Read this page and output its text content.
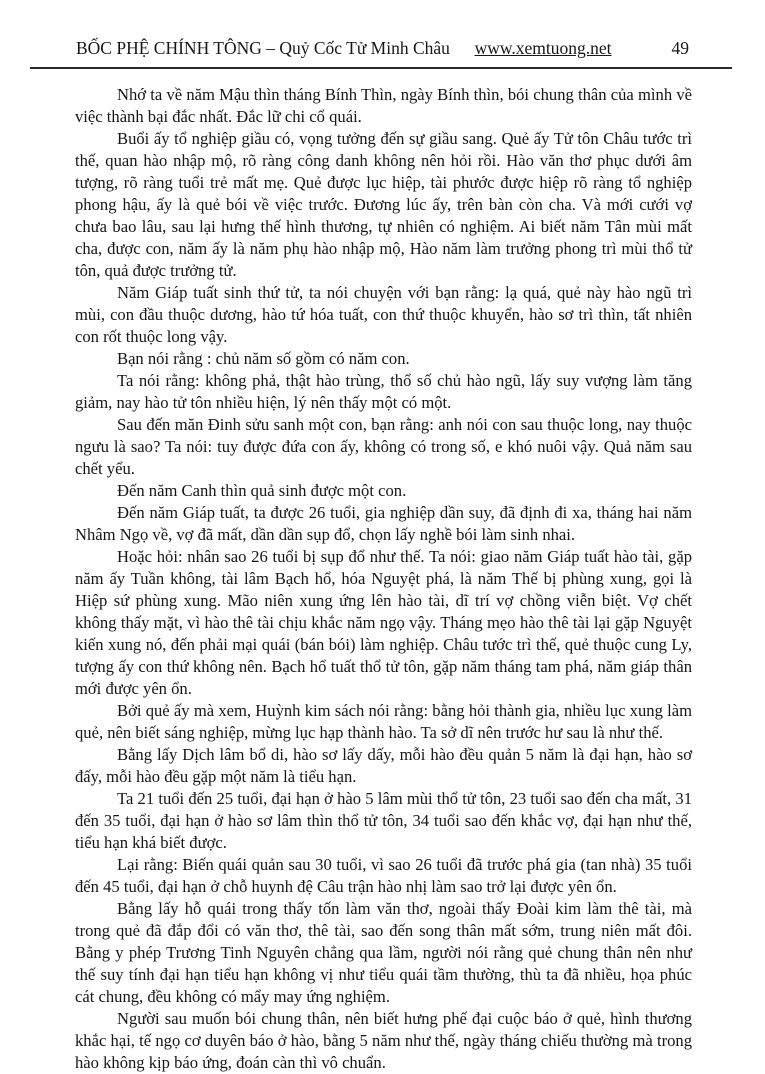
BỐC PHỆ CHÍNH TÔNG – Quỷ Cốc Tử Minh Châu www.xemtuong.net	49

Nhớ ta về năm Mậu thìn tháng Bính Thìn, ngày Bính thìn, bói chung thân của mình về việc thành bại đắc nhất. Đắc lữ chi cổ quái.

Buổi ấy tổ nghiệp giầu có, vọng tưởng đến sự giầu sang. Quẻ ấy Tử tôn Châu tước trì thế, quan hào nhập mộ, rõ ràng công danh không nên hỏi rồi. Hào văn thơ phục dưới âm tượng, rõ ràng tuổi trẻ mất mẹ. Quẻ được lục hiệp, tài phước được hiệp rõ ràng tổ nghiệp phong hậu, ấy là quẻ bói về việc trước. Đương lúc ấy, trên bàn còn cha. Và mới cưới vợ chưa bao lâu, sau lại hưng thế hình thương, tự nhiên có nghiệm. Ai biết năm Tân mùi mất cha, được con, năm ấy là năm phụ hào nhập mộ, Hào năm làm trưởng phong trì mùi thổ tử tôn, quả được trưởng tử.

Năm Giáp tuất sinh thứ tử, ta nói chuyện với bạn rằng: lạ quá, quẻ này hào ngũ trì mùi, con đầu thuộc dương, hào tứ hóa tuất, con thứ thuộc khuyển, hào sơ trì thìn, tất nhiên con rốt thuộc long vậy.

Bạn nói rằng : chủ năm số gồm có năm con.

Ta nói rằng: không phả, thật hào trùng, thổ số chủ hào ngũ, lấy suy vượng làm tăng giảm, nay hào tử tôn nhiều hiện, lý nên thấy một có một.

Sau đến măn Đinh sửu sanh một con, bạn rằng: anh nói con sau thuộc long, nay thuộc ngưu là sao? Ta nói: tuy được đứa con ấy, không có trong số, e khó nuôi vậy. Quả năm sau chết yểu.

Đến năm Canh thìn quả sinh được một con.

Đến năm Giáp tuất, ta được 26 tuổi, gia nghiệp dần suy, đã định đi xa, tháng hai năm Nhâm Ngọ về, vợ đã mất, dần dần sụp đổ, chọn lấy nghề bói làm sinh nhai.

Hoặc hỏi: nhân sao 26 tuổi bị sụp đổ như thế. Ta nói: giao năm Giáp tuất hào tài, gặp năm ấy Tuần không, tài lâm Bạch hổ, hóa Nguyệt phá, là năm Thế bị phùng xung, gọi là Hiệp sứ phùng xung. Mão niên xung ứng lên hào tài, dĩ trí vợ chồng viễn biệt. Vợ chết không thấy mặt, vì hào thê tài chịu khắc năm ngọ vậy. Tháng mẹo hào thê tài lại gặp Nguyệt kiến xung nó, đến phải mại quái (bán bói) làm nghiệp. Châu tước trì thế, quẻ thuộc cung Ly, tượng ấy con thứ không nên. Bạch hổ tuất thổ tử tôn, gặp năm tháng tam phá, năm giáp thân mới được yên ổn.

Bởi quẻ ấy mà xem, Huỳnh kim sách nói rằng: bằng hỏi thành gia, nhiều lục xung làm quẻ, nên biết sáng nghiệp, mừng lục hạp thành hào. Ta sở dĩ nên trước hư sau là như thế.

Bằng lấy Dịch lâm bổ di, hào sơ lấy dấy, mỗi hào đều quản 5 năm là đại hạn, hào sơ đấy, mỗi hào đều gặp một năm là tiểu hạn.

Ta 21 tuổi đến 25 tuổi, đại hạn ở hào 5 lâm mùi thổ tử tôn, 23 tuổi sao đến cha mất, 31 đến 35 tuổi, đại hạn ở hào sơ lâm thìn thổ tử tôn, 34 tuổi sao đến khắc vợ, đại hạn như thế, tiểu hạn khá biết được.

Lại rằng: Biến quái quản sau 30 tuổi, vì sao 26 tuổi đã trước phá gia (tan nhà) 35 tuổi đến 45 tuổi, đại hạn ở chỗ huynh đệ Câu trận hào nhị làm sao trở lại được yên ổn.

Bằng lấy hỗ quái trong thấy tốn làm văn thơ, ngoài thấy Đoài kim làm thê tài, mà trong quẻ đã đắp đổi có văn thơ, thê tài, sao đến song thân mất sớm, trung niên mất đôi. Bằng y phép Trương Tinh Nguyên chẳng qua lầm, người nói rằng quẻ chung thân nên như thế suy tính đại hạn tiểu hạn không vị như tiểu quái tầm thường, thù ta đã nhiều, họa phúc cát chung, đều không có mẩy may ứng nghiệm.

Người sau muốn bói chung thân, nên biết hưng phế đại cuộc báo ở quẻ, hình thương khắc hại, tế ngọ cơ duyên báo ở hào, bằng 5 năm như thế, ngày tháng chiếu thường mà trong hào không kịp báo ứng, đoán càn thì vô chuẩn.
